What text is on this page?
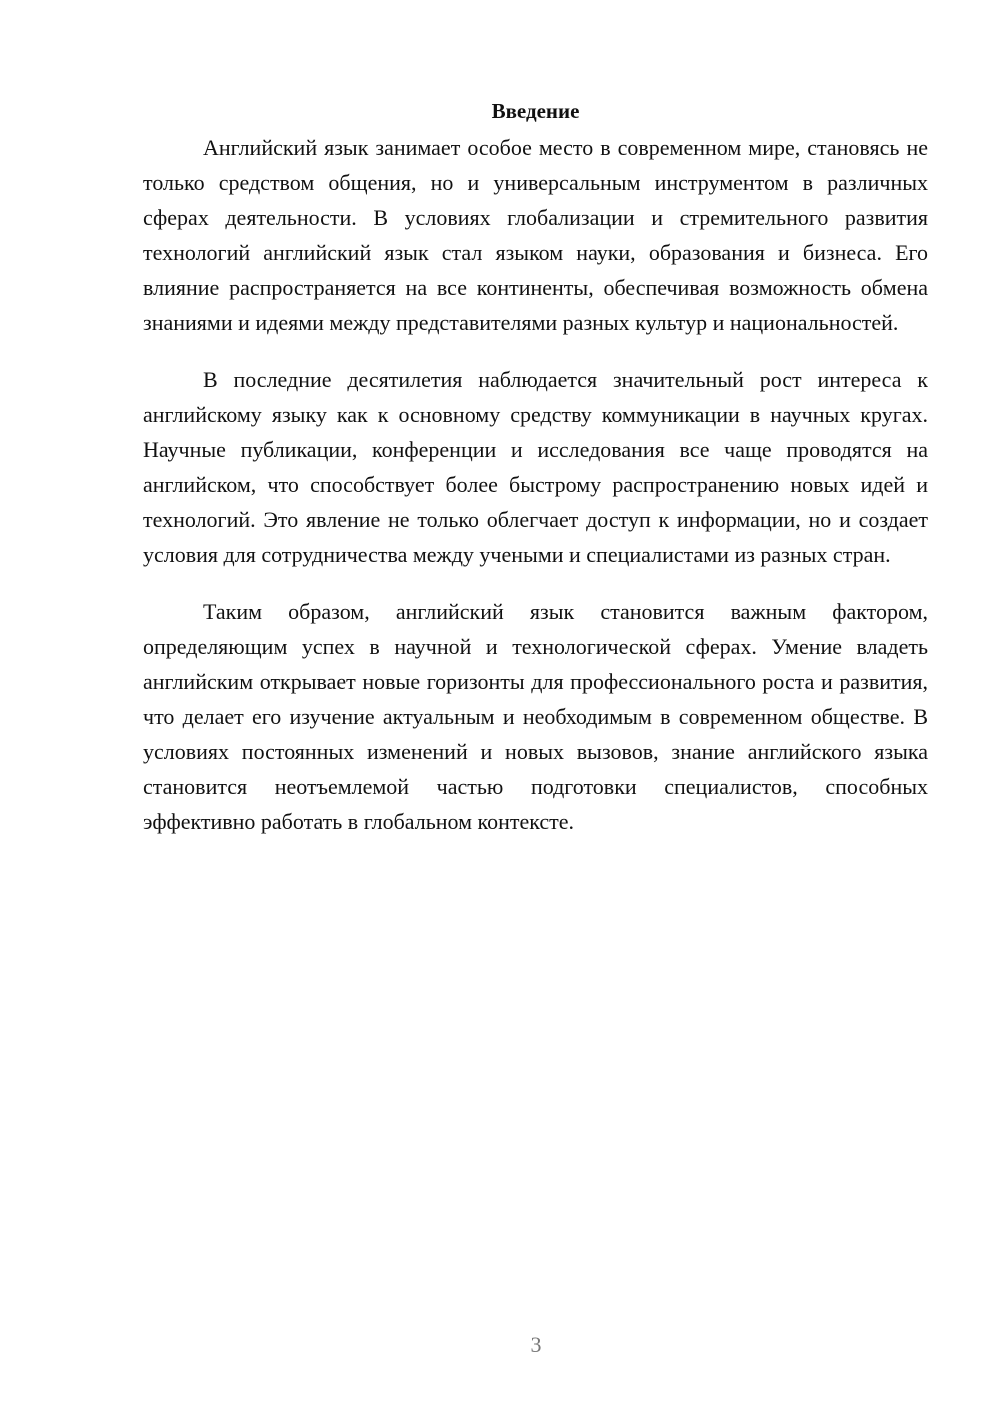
Введение

Английский язык занимает особое место в современном мире, становясь не только средством общения, но и универсальным инструментом в различных сферах деятельности. В условиях глобализации и стремительного развития технологий английский язык стал языком науки, образования и бизнеса. Его влияние распространяется на все континенты, обеспечивая возможность обмена знаниями и идеями между представителями разных культур и национальностей.

В последние десятилетия наблюдается значительный рост интереса к английскому языку как к основному средству коммуникации в научных кругах. Научные публикации, конференции и исследования все чаще проводятся на английском, что способствует более быстрому распространению новых идей и технологий. Это явление не только облегчает доступ к информации, но и создает условия для сотрудничества между учеными и специалистами из разных стран.

Таким образом, английский язык становится важным фактором, определяющим успех в научной и технологической сферах. Умение владеть английским открывает новые горизонты для профессионального роста и развития, что делает его изучение актуальным и необходимым в современном обществе. В условиях постоянных изменений и новых вызовов, знание английского языка становится неотъемлемой частью подготовки специалистов, способных эффективно работать в глобальном контексте.

3
